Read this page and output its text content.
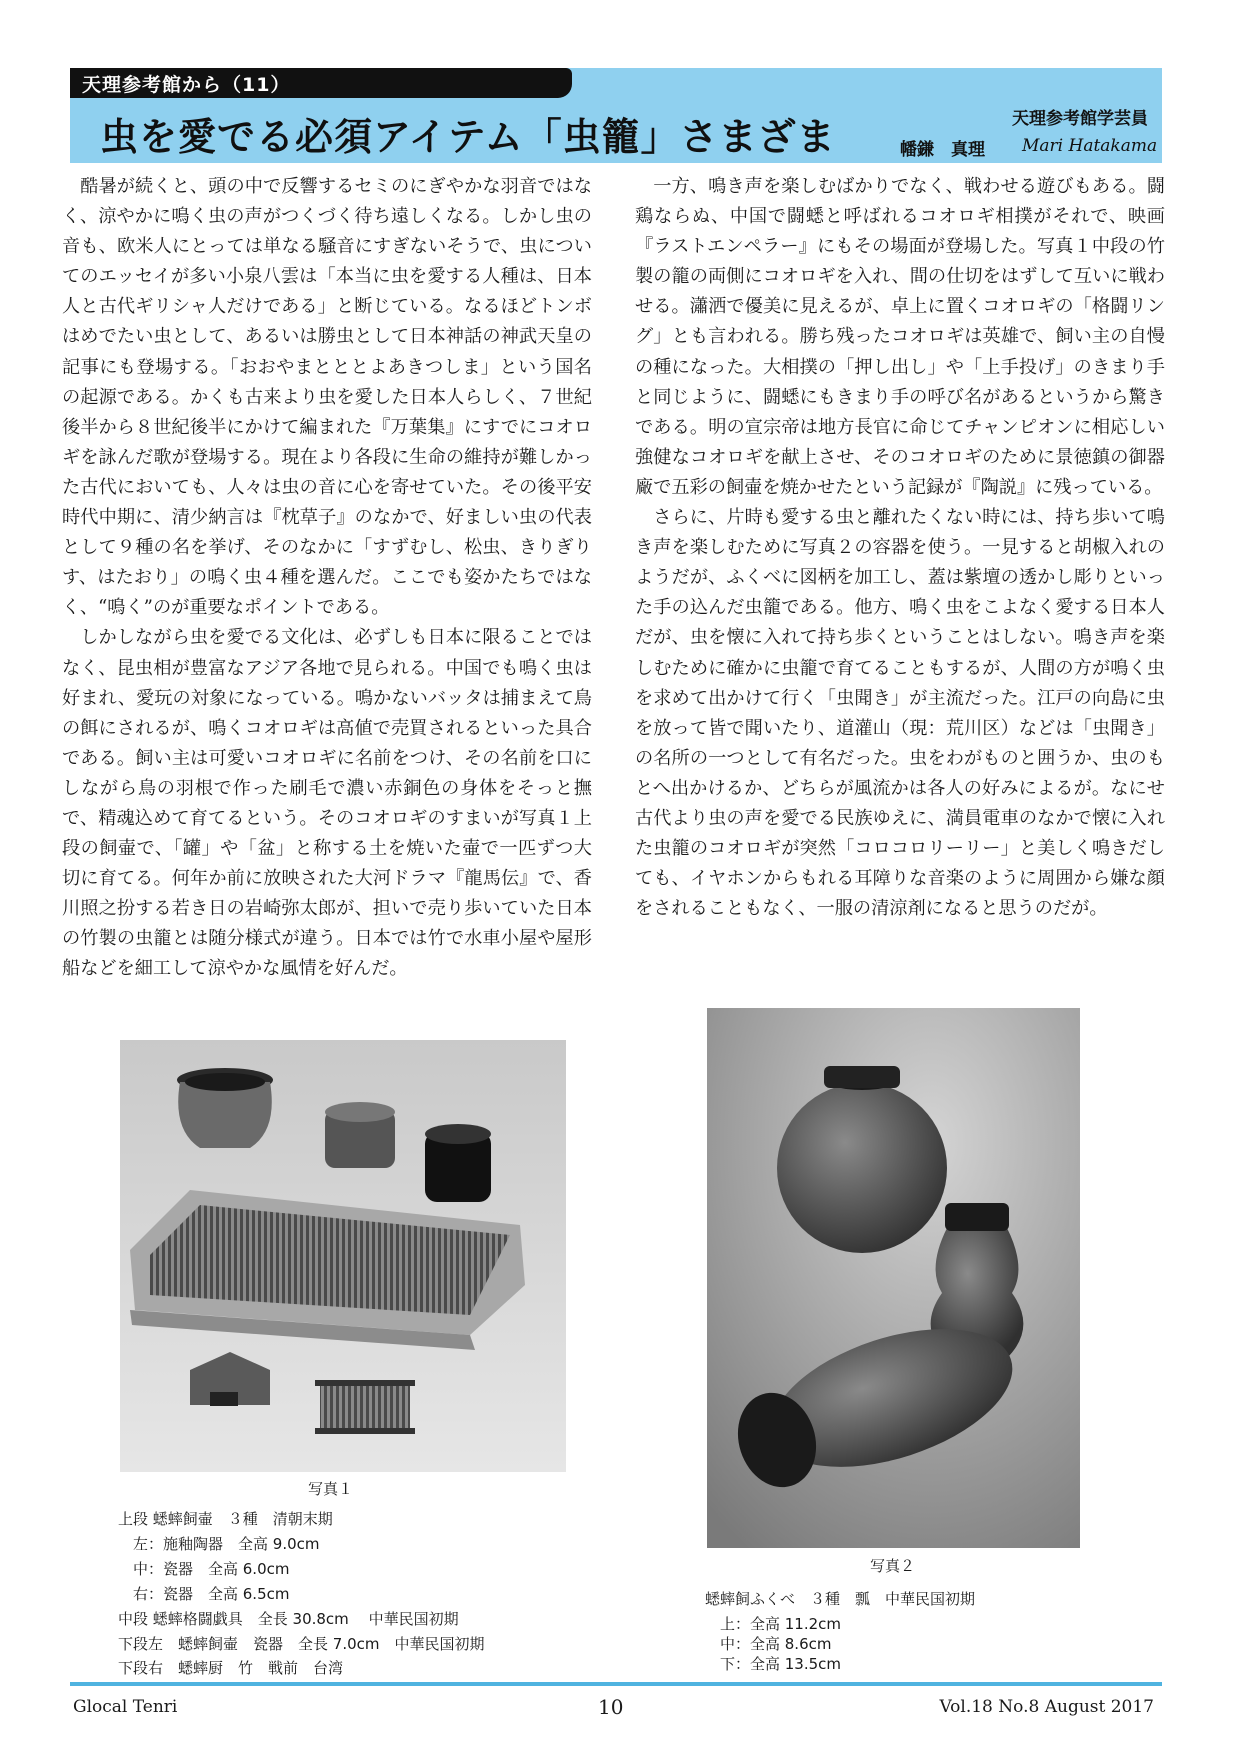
天理参考館から（11）
虫を愛でる必須アイテム「虫籠」さまざま	天理参考館学芸員
幡鎌　真理 Mari Hatakama

酷暑が続くと、頭の中で反響するセミのにぎやかな羽音ではなく、涼やかに鳴く虫の声がつくづく待ち遠しくなる。しかし虫の音も、欧米人にとっては単なる騒音にすぎないそうで、虫についてのエッセイが多い小泉八雲は「本当に虫を愛する人種は、日本人と古代ギリシャ人だけである」と断じている。なるほどトンボはめでたい虫として、あるいは勝虫として日本神話の神武天皇の記事にも登場する。「おおやまとととよあきつしま」という国名の起源である。かくも古来より虫を愛した日本人らしく、７世紀後半から８世紀後半にかけて編まれた『万葉集』にすでにコオロギを詠んだ歌が登場する。現在より各段に生命の維持が難しかった古代においても、人々は虫の音に心を寄せていた。その後平安時代中期に、清少納言は『枕草子』のなかで、好ましい虫の代表として９種の名を挙げ、そのなかに「すずむし、松虫、きりぎりす、はたおり」の鳴く虫４種を選んだ。ここでも姿かたちではなく、“鳴く”のが重要なポイントである。

しかしながら虫を愛でる文化は、必ずしも日本に限ることではなく、昆虫相が豊富なアジア各地で見られる。中国でも鳴く虫は好まれ、愛玩の対象になっている。鳴かないバッタは捕まえて鳥の餌にされるが、鳴くコオロギは高値で売買されるといった具合である。飼い主は可愛いコオロギに名前をつけ、その名前を口にしながら鳥の羽根で作った刷毛で濃い赤銅色の身体をそっと撫で、精魂込めて育てるという。そのコオロギのすまいが写真１上段の飼壷で、「罐」や「盆」と称する土を焼いた壷で一匹ずつ大切に育てる。何年か前に放映された大河ドラマ『龍馬伝』で、香川照之扮する若き日の岩崎弥太郎が、担いで売り歩いていた日本の竹製の虫籠とは随分様式が違う。日本では竹で水車小屋や屋形船などを細工して涼やかな風情を好んだ。

一方、鳴き声を楽しむばかりでなく、戦わせる遊びもある。闘鶏ならぬ、中国で闘蟋と呼ばれるコオロギ相撲がそれで、映画『ラストエンペラー』にもその場面が登場した。写真１中段の竹製の籠の両側にコオロギを入れ、間の仕切をはずして互いに戦わせる。瀟洒で優美に見えるが、卓上に置くコオロギの「格闘リング」とも言われる。勝ち残ったコオロギは英雄で、飼い主の自慢の種になった。大相撲の「押し出し」や「上手投げ」のきまり手と同じように、闘蟋にもきまり手の呼び名があるというから驚きである。明の宣宗帝は地方長官に命じてチャンピオンに相応しい強健なコオロギを献上させ、そのコオロギのために景徳鎮の御器廠で五彩の飼壷を焼かせたという記録が『陶説』に残っている。

さらに、片時も愛する虫と離れたくない時には、持ち歩いて鳴き声を楽しむために写真２の容器を使う。一見すると胡椒入れのようだが、ふくべに図柄を加工し、蓋は紫壇の透かし彫りといった手の込んだ虫籠である。他方、鳴く虫をこよなく愛する日本人だが、虫を懐に入れて持ち歩くということはしない。鳴き声を楽しむために確かに虫籠で育てることもするが、人間の方が鳴く虫を求めて出かけて行く「虫聞き」が主流だった。江戸の向島に虫を放って皆で聞いたり、道灌山（現：荒川区）などは「虫聞き」の名所の一つとして有名だった。虫をわがものと囲うか、虫のもとへ出かけるか、どちらが風流かは各人の好みによるが。なにせ古代より虫の声を愛でる民族ゆえに、満員電車のなかで懐に入れた虫籠のコオロギが突然「コロコロリーリー」と美しく鳴きだしても、イヤホンからもれる耳障りな音楽のように周囲から嫌な顔をされることもなく、一服の清涼剤になると思うのだが。

写真１
上段 蟋蟀飼壷　３種　清朝末期
　左：施釉陶器　全高 9.0cm
　中：瓷器　全高 6.0cm
　右：瓷器　全高 6.5cm
中段 蟋蟀格闘戯具　全長 30.8cm　 中華民国初期
下段左　蟋蟀飼壷　瓷器　全長 7.0cm　中華民国初期
下段右　蟋蟀厨　竹　戦前　台湾
写真２
蟋蟀飼ふくべ　３種　瓢　中華民国初期
　上：全高 11.2cm
　中：全高 8.6cm
　下：全高 13.5cm
Glocal Tenri	10	Vol.18 No.8 August 2017
